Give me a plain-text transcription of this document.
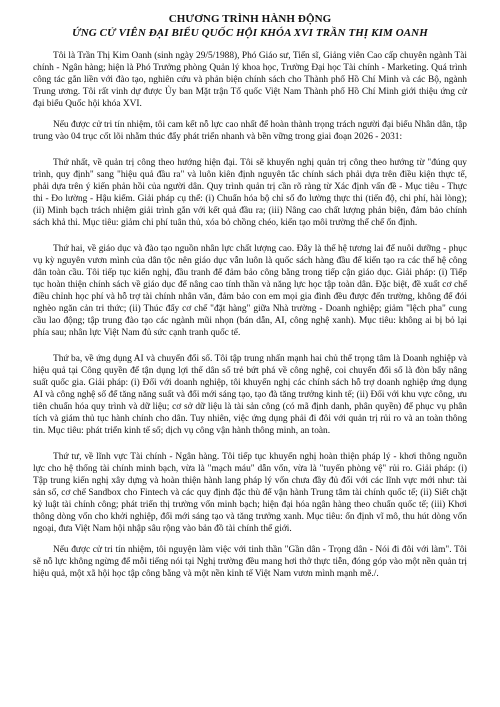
CHƯƠNG TRÌNH HÀNH ĐỘNG
ỨNG CỬ VIÊN ĐẠI BIỂU QUỐC HỘI KHÓA XVI TRẦN THỊ KIM OANH

Tôi là Trần Thị Kim Oanh (sinh ngày 29/5/1988), Phó Giáo sư, Tiến sĩ, Giảng viên Cao cấp chuyên ngành Tài chính - Ngân hàng; hiện là Phó Trưởng phòng Quản lý khoa học, Trường Đại học Tài chính - Marketing. Quá trình công tác gắn liền với đào tạo, nghiên cứu và phản biện chính sách cho Thành phố Hồ Chí Minh và các Bộ, ngành Trung ương. Tôi rất vinh dự được Ủy ban Mặt trận Tổ quốc Việt Nam Thành phố Hồ Chí Minh giới thiệu ứng cử đại biểu Quốc hội khóa XVI.

Nếu được cử tri tín nhiệm, tôi cam kết nỗ lực cao nhất để hoàn thành trọng trách người đại biểu Nhân dân, tập trung vào 04 trục cốt lõi nhằm thúc đẩy phát triển nhanh và bền vững trong giai đoạn 2026 - 2031:

Thứ nhất, về quản trị công theo hướng hiện đại. Tôi sẽ khuyến nghị quản trị công theo hướng từ "đúng quy trình, quy định" sang "hiệu quả đầu ra" và luôn kiên định nguyên tắc chính sách phải dựa trên điều kiện thực tế, phải dựa trên ý kiến phản hồi của người dân. Quy trình quản trị cần rõ ràng từ Xác định vấn đề - Mục tiêu - Thực thi - Đo lường - Hậu kiểm. Giải pháp cụ thể: (i) Chuẩn hóa bộ chỉ số đo lường thực thi (tiến độ, chi phí, hài lòng); (ii) Minh bạch trách nhiệm giải trình gắn với kết quả đầu ra; (iii) Nâng cao chất lượng phản biện, đảm bảo chính sách khả thi. Mục tiêu: giảm chi phí tuân thủ, xóa bỏ chồng chéo, kiến tạo môi trường thể chế ổn định.

Thứ hai, về giáo dục và đào tạo nguồn nhân lực chất lượng cao. Đây là thế hệ tương lai để nuôi dưỡng - phục vụ kỳ nguyên vươn mình của dân tộc nên giáo dục vẫn luôn là quốc sách hàng đầu để kiến tạo ra các thế hệ công dân toàn cầu. Tôi tiếp tục kiến nghị, đầu tranh để đảm bảo công bằng trong tiếp cận giáo dục. Giải pháp: (i) Tiếp tục hoàn thiện chính sách về giáo dục để nâng cao tính thần và năng lực học tập toàn dân. Đặc biệt, đề xuất cơ chế điều chỉnh học phí và hỗ trợ tài chính nhân văn, đảm bảo con em mọi gia đình đều được đến trường, không để đói nghèo ngăn cản tri thức; (ii) Thúc đẩy cơ chế "đặt hàng" giữa Nhà trường - Doanh nghiệp; giảm "lệch pha" cung cầu lao động; tập trung đào tạo các ngành mũi nhọn (bán dẫn, AI, công nghệ xanh). Mục tiêu: không ai bị bỏ lại phía sau; nhân lực Việt Nam đủ sức cạnh tranh quốc tế.

Thứ ba, về ứng dụng AI và chuyển đổi số. Tôi tập trung nhấn mạnh hai chủ thể trọng tâm là Doanh nghiệp và hiệu quả tại Công quyền để tận dụng lợi thế dân số trẻ bứt phá về công nghệ, coi chuyển đổi số là đòn bẩy nâng suất quốc gia. Giải pháp: (i) Đối với doanh nghiệp, tôi khuyến nghị các chính sách hỗ trợ doanh nghiệp ứng dụng AI và công nghệ số để tăng năng suất và đổi mới sáng tạo, tạo đà tăng trưởng kinh tế; (ii) Đối với khu vực công, ưu tiên chuẩn hóa quy trình và dữ liệu; cơ sở dữ liệu là tài sản công (có mã định danh, phân quyền) để phục vụ phân tích và giám thủ tục hành chính cho dân. Tuy nhiên, việc ứng dụng phải đi đôi với quản trị rủi ro và an toàn thông tin. Mục tiêu: phát triển kinh tế số; dịch vụ công vận hành thông minh, an toàn.

Thứ tư, về lĩnh vực Tài chính - Ngân hàng. Tôi tiếp tục khuyến nghị hoàn thiện pháp lý - khơi thông nguồn lực cho hệ thống tài chính minh bạch, vừa là "mạch máu" dẫn vốn, vừa là "tuyến phòng vệ" rủi ro. Giải pháp: (i) Tập trung kiến nghị xây dựng và hoàn thiện hành lang pháp lý vốn chưa đầy đủ đối với các lĩnh vực mới như: tài sản số, cơ chế Sandbox cho Fintech và các quy định đặc thù để vận hành Trung tâm tài chính quốc tế; (ii) Siết chặt kỷ luật tài chính công; phát triển thị trường vốn minh bạch; hiện đại hóa ngân hàng theo chuẩn quốc tế; (iii) Khơi thông dòng vốn cho khởi nghiệp, đổi mới sáng tạo và tăng trưởng xanh. Mục tiêu: ổn định vĩ mô, thu hút dòng vốn ngoại, đưa Việt Nam hội nhập sâu rộng vào bản đồ tài chính thế giới.

Nếu được cử tri tín nhiệm, tôi nguyện làm việc với tinh thần "Gần dân - Trọng dân - Nói đi đôi với làm". Tôi sẽ nỗ lực không ngừng để mỗi tiếng nói tại Nghị trường đều mang hơi thở thực tiễn, đóng góp vào một nền quản trị hiệu quả, một xã hội học tập công bằng và một nền kinh tế Việt Nam vươn mình mạnh mẽ./.
